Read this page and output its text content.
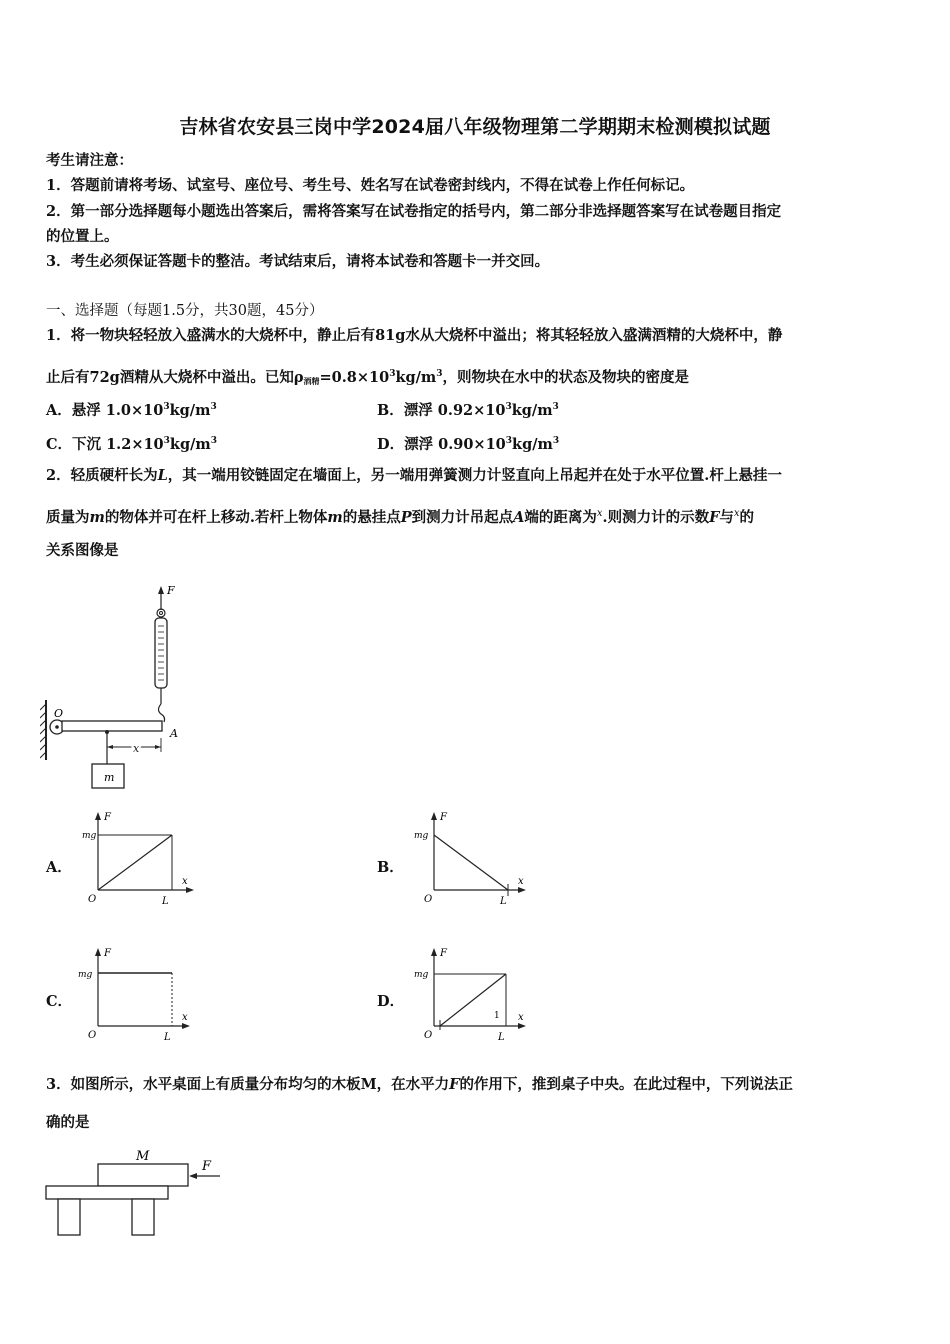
吉林省农安县三岗中学2024届八年级物理第二学期期末检测模拟试题
考生请注意：
1．答题前请将考场、试室号、座位号、考生号、姓名写在试卷密封线内，不得在试卷上作任何标记。
2．第一部分选择题每小题选出答案后，需将答案写在试卷指定的括号内，第二部分非选择题答案写在试卷题目指定
的位置上。
3．考生必须保证答题卡的整洁。考试结束后，请将本试卷和答题卡一并交回。
一、选择题（每题1.5分，共30题，45分）
1．将一物块轻轻放入盛满水的大烧杯中，静止后有81g水从大烧杯中溢出；将其轻轻放入盛满酒精的大烧杯中，静
止后有72g酒精从大烧杯中溢出。已知$\rho_{酒精}=0.8\times 10^3kg/m^3$，则物块在水中的状态及物块的密度是
A．悬浮 $1.0\times 10^3kg/m^3$	B．漂浮 $0.92\times 10^3kg/m^3$
C．下沉 $1.2\times 10^3kg/m^3$	D．漂浮 $0.90\times 10^3kg/m^3$
2．轻质硬杆长为L，其一端用铰链固定在墙面上，另一端用弹簧测力计竖直向上吊起并在处于水平位置.杆上悬挂一
质量为m的物体并可在杆上移动.若杆上物体m的悬挂点P到测力计吊起点A端的距离为$^x$.则测力计的示数F与$^x$的
关系图像是
O
A
F
m
x
A．
F
mg
O	L
x
B．
F
mg
O	L
x
C．
F
mg
O	L
x
D．
F
mg
1
O	L
x
3．如图所示，水平桌面上有质量分布均匀的木板M，在水平力F的作用下，推到桌子中央。在此过程中，下列说法正
确的是
M
F
